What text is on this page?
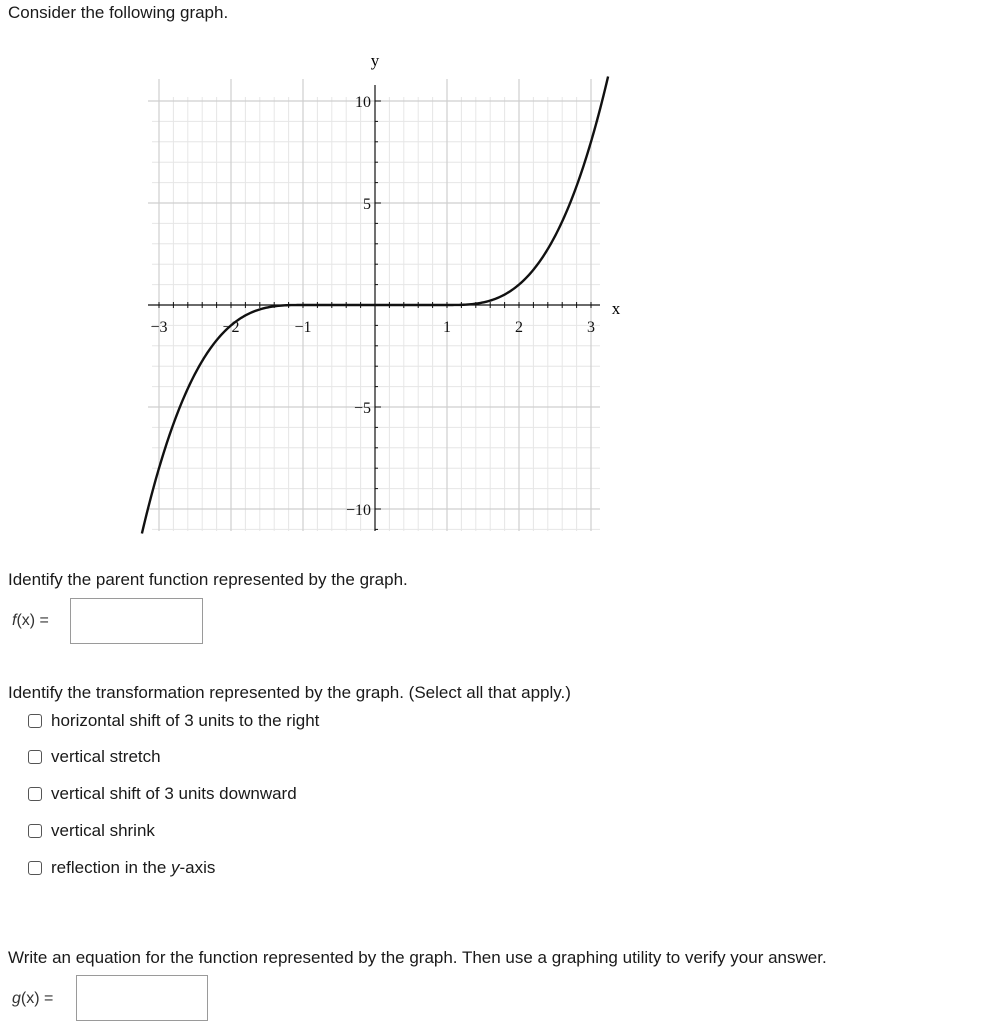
Consider the following graph.
−3	−2	−1	1	2	3
10
5
−5
−10
y
x
Identify the parent function represented by the graph.
f(x) =
Identify the transformation represented by the graph. (Select all that apply.)
horizontal shift of 3 units to the right
vertical stretch
vertical shift of 3 units downward
vertical shrink
reflection in the y-axis
Write an equation for the function represented by the graph. Then use a graphing utility to verify your answer.
g(x) =
